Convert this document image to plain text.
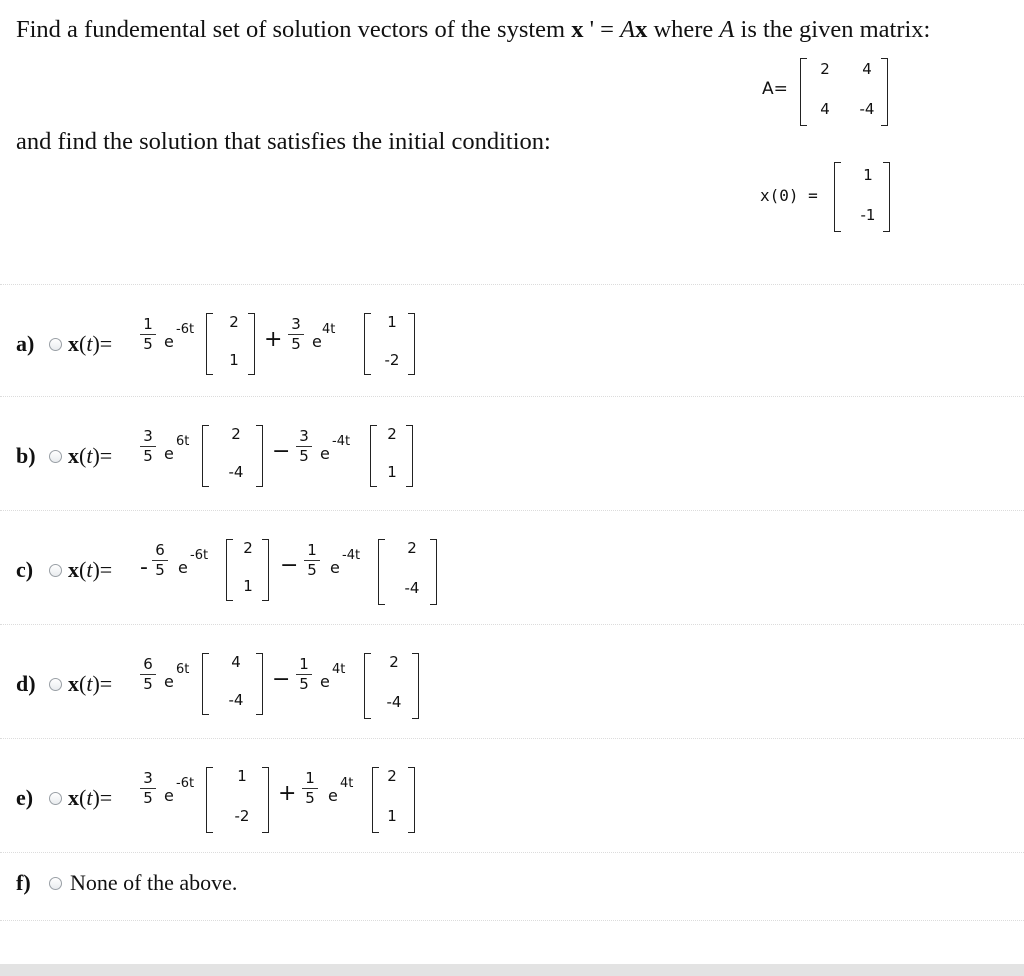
Find a fundemental set of solution vectors of the system x ' = Ax where A is the given matrix:
A=
2	4
4	-4
and find the solution that satisfies the initial condition:
x(0) =
1
-1
a) x(t)=
1
5 e
-6t	2
1
+
3
5 e
4t	1
-2
b) x(t)=
3
5 e
6t	2
-4
−
3
5 e
-4t	2
1
c) x(t)= -
6
5 e
-6t	2
1
−
1
5 e
-4t	2
-4
d) x(t)=
6
5 e
6t	4
-4
−
1
5 e
4t	2
-4
e) x(t)=
3
5 e
-6t	1
-2
+
1
5 e
4t	2
1
f) None of the above.
